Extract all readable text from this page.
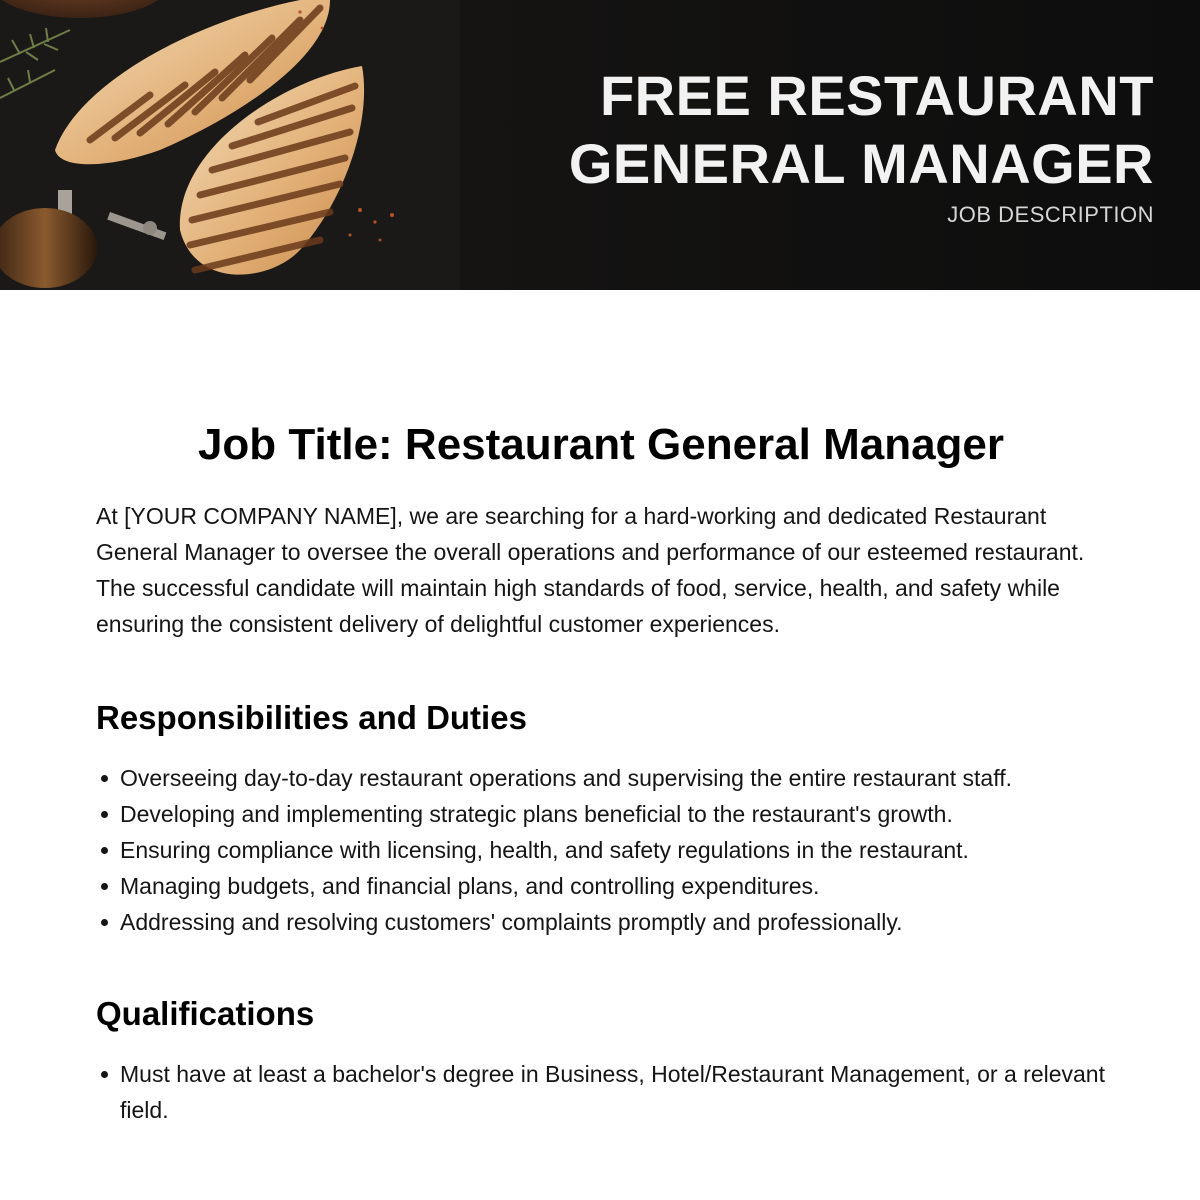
FREE RESTAURANT
GENERAL MANAGER
JOB DESCRIPTION
Job Title: Restaurant General Manager

At [YOUR COMPANY NAME], we are searching for a hard-working and dedicated Restaurant General Manager to oversee the overall operations and performance of our esteemed restaurant. The successful candidate will maintain high standards of food, service, health, and safety while ensuring the consistent delivery of delightful customer experiences.

Responsibilities and Duties
Overseeing day-to-day restaurant operations and supervising the entire restaurant staff.
Developing and implementing strategic plans beneficial to the restaurant's growth.
Ensuring compliance with licensing, health, and safety regulations in the restaurant.
Managing budgets, and financial plans, and controlling expenditures.
Addressing and resolving customers' complaints promptly and professionally.
Qualifications
Must have at least a bachelor's degree in Business, Hotel/Restaurant Management, or a relevant field.
